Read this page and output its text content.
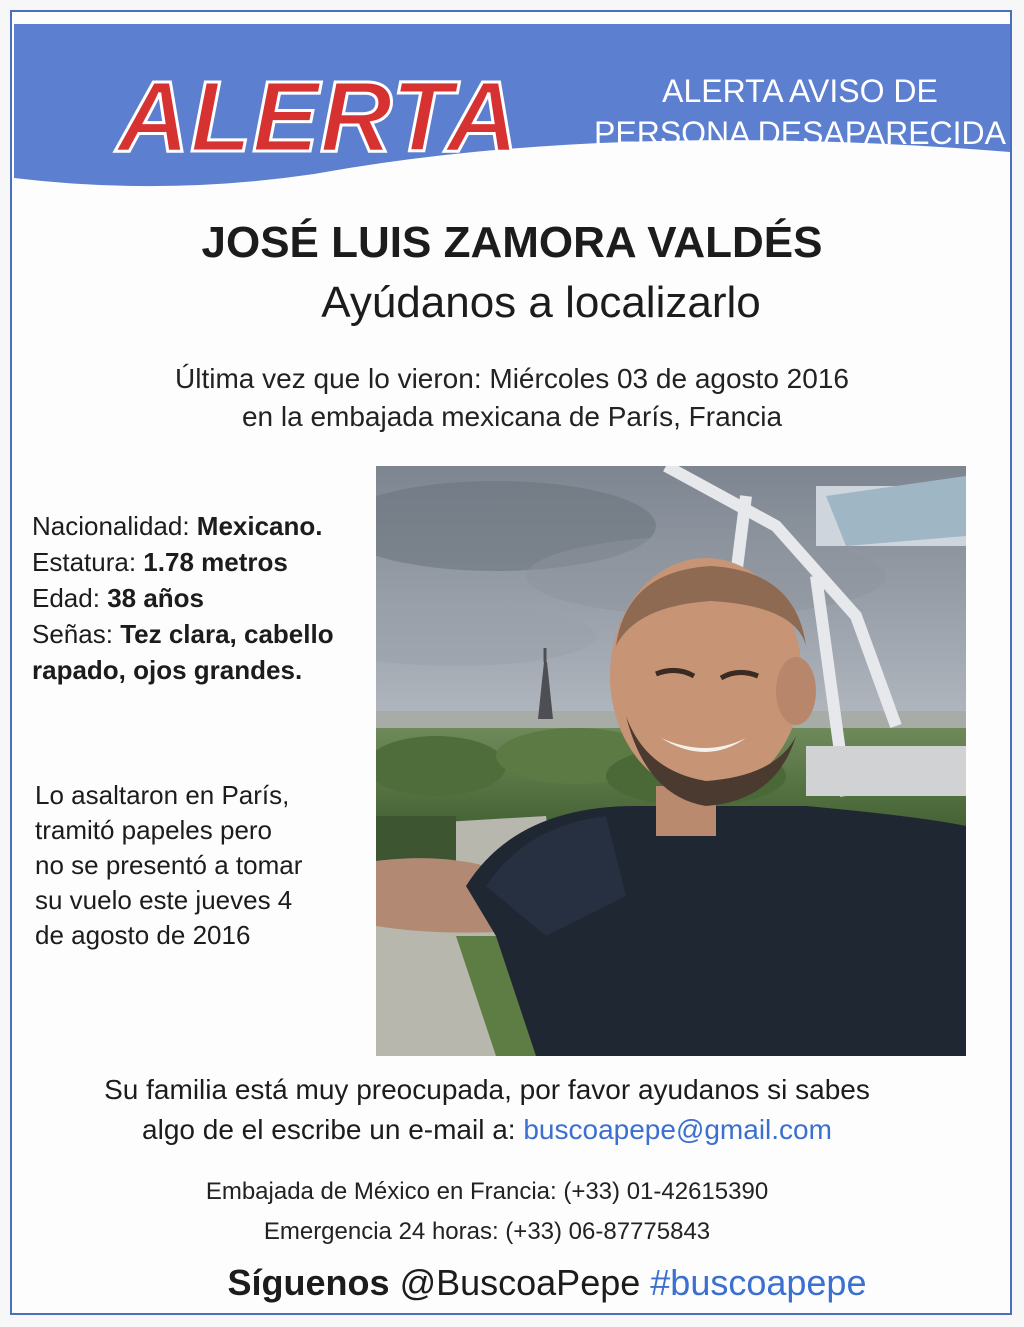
ALERTA	ALERTA AVISO DE
PERSONA DESAPARECIDA
JOSÉ LUIS ZAMORA VALDÉS
Ayúdanos a localizarlo
Última vez que lo vieron: Miércoles 03 de agosto 2016
en la embajada mexicana de París, Francia
Nacionalidad: Mexicano.
Estatura: 1.78 metros
Edad: 38 años
Señas: Tez clara, cabello rapado, ojos grandes.
Lo asaltaron en París,
tramitó papeles pero
no se presentó a tomar
su vuelo este jueves 4
de agosto de 2016
Su familia está muy preocupada, por favor ayudanos si sabes
algo de el escribe un e-mail a: buscoapepe@gmail.com
Embajada de México en Francia: (+33) 01-42615390
Emergencia 24 horas: (+33) 06-87775843
Síguenos @BuscoaPepe #buscoapepe
